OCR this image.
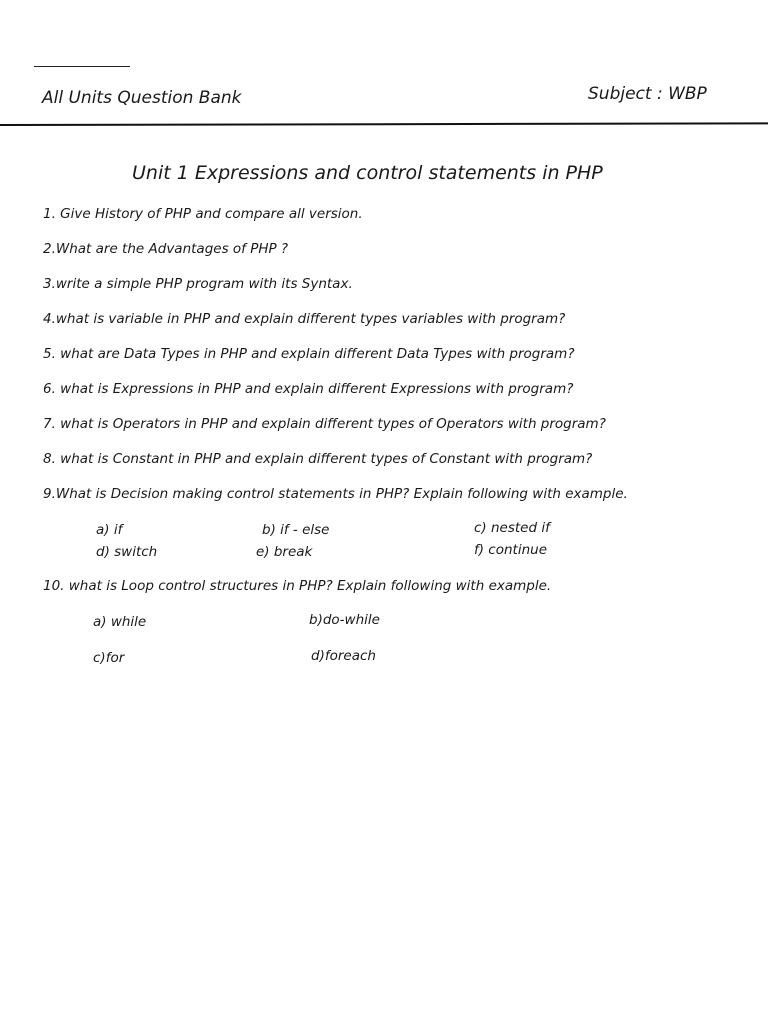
All Units Question Bank	Subject : WBP
Unit 1 Expressions and control statements in PHP
1. Give History of PHP and compare all version.
2.What are the Advantages of PHP ?
3.write a simple PHP program with its Syntax.
4.what is variable in PHP and explain different types variables with program?
5. what are Data Types in PHP and explain different Data Types with program?
6. what is Expressions in PHP and explain different Expressions with program?
7. what is Operators in PHP and explain different types of Operators with program?
8. what is Constant in PHP and explain different types of Constant with program?
9.What is Decision making control statements in PHP? Explain following with example.
a) if	b) if - else	c) nested if
d) switch	e) break	f) continue
10. what is Loop control structures in PHP? Explain following with example.
a) while	b)do-while
c)for	d)foreach
